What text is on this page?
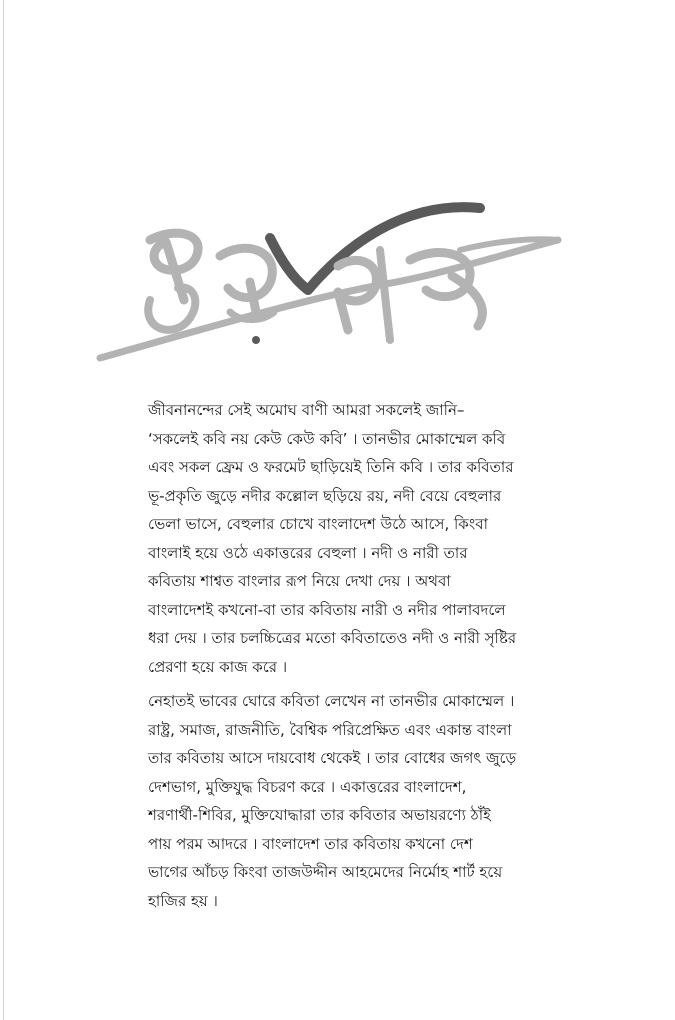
প্রবেশক
জীবনানন্দের সেই অমোঘ বাণী আমরা সকলেই জানি–
‘সকলেই কবি নয় কেউ কেউ কবি’ । তানভীর মোকাম্মেল কবি
এবং সকল ফ্রেম ও ফরমেট ছাড়িয়েই তিনি কবি । তার কবিতার
ভূ-প্রকৃতি জুড়ে নদীর কল্লোল ছড়িয়ে রয়, নদী বেয়ে বেহুলার
ভেলা ভাসে, বেহুলার চোখে বাংলাদেশ উঠে আসে, কিংবা
বাংলাই হয়ে ওঠে একাত্তরের বেহুলা । নদী ও নারী তার
কবিতায় শাশ্বত বাংলার রূপ নিয়ে দেখা দেয় । অথবা
বাংলাদেশই কখনো-বা তার কবিতায় নারী ও নদীর পালাবদলে
ধরা দেয় । তার চলচ্চিত্রের মতো কবিতাতেও নদী ও নারী সৃষ্টির
প্রেরণা হয়ে কাজ করে ।
নেহাতই ভাবের ঘোরে কবিতা লেখেন না তানভীর মোকাম্মেল ।
রাষ্ট্র, সমাজ, রাজনীতি, বৈশ্বিক পরিপ্রেক্ষিত এবং একান্ত বাংলা
তার কবিতায় আসে দায়বোধ থেকেই । তার বোধের জগৎ জুড়ে
দেশভাগ, মুক্তিযুদ্ধ বিচরণ করে । একাত্তরের বাংলাদেশ,
শরণার্থী-শিবির, মুক্তিযোদ্ধারা তার কবিতার অভায়রণ্যে ঠাঁই
পায় পরম আদরে । বাংলাদেশ তার কবিতায় কখনো দেশ
ভাগের আঁচড় কিংবা তাজউদ্দীন আহমেদের নির্মোহ শার্ট হয়ে
হাজির হয় ।
